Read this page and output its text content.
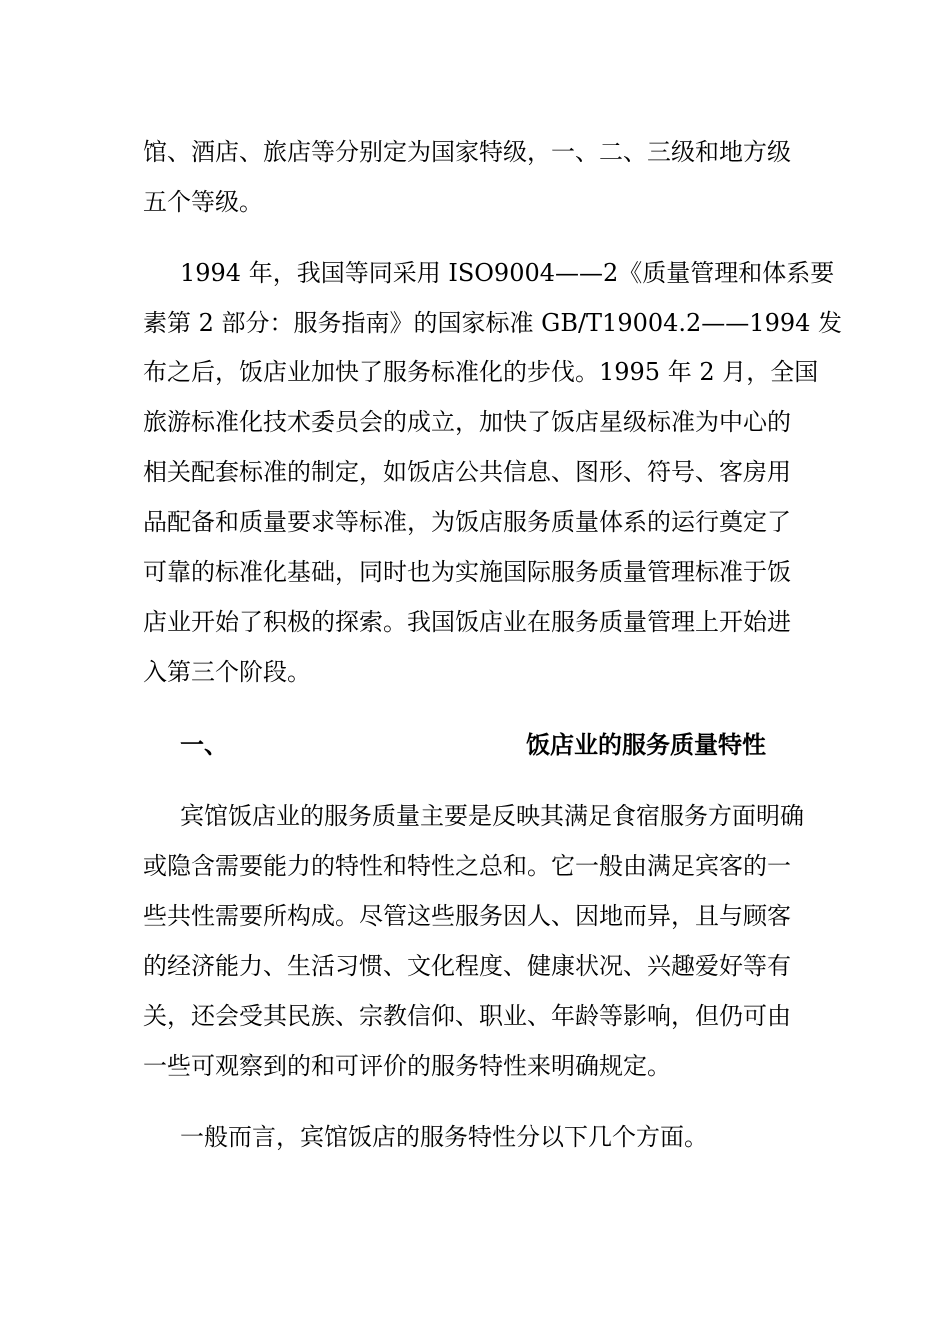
馆、酒店、旅店等分别定为国家特级，一、二、三级和地方级
五个等级。
1994 年，我国等同采用 ISO9004——2《质量管理和体系要
素第 2 部分：服务指南》的国家标准 GB/T19004.2——1994 发
布之后，饭店业加快了服务标准化的步伐。1995 年 2 月，全国
旅游标准化技术委员会的成立，加快了饭店星级标准为中心的
相关配套标准的制定，如饭店公共信息、图形、符号、客房用
品配备和质量要求等标准，为饭店服务质量体系的运行奠定了
可靠的标准化基础，同时也为实施国际服务质量管理标准于饭
店业开始了积极的探索。我国饭店业在服务质量管理上开始进
入第三个阶段。
一、	饭店业的服务质量特性
宾馆饭店业的服务质量主要是反映其满足食宿服务方面明确
或隐含需要能力的特性和特性之总和。它一般由满足宾客的一
些共性需要所构成。尽管这些服务因人、因地而异，且与顾客
的经济能力、生活习惯、文化程度、健康状况、兴趣爱好等有
关，还会受其民族、宗教信仰、职业、年龄等影响，但仍可由
一些可观察到的和可评价的服务特性来明确规定。
一般而言，宾馆饭店的服务特性分以下几个方面。
